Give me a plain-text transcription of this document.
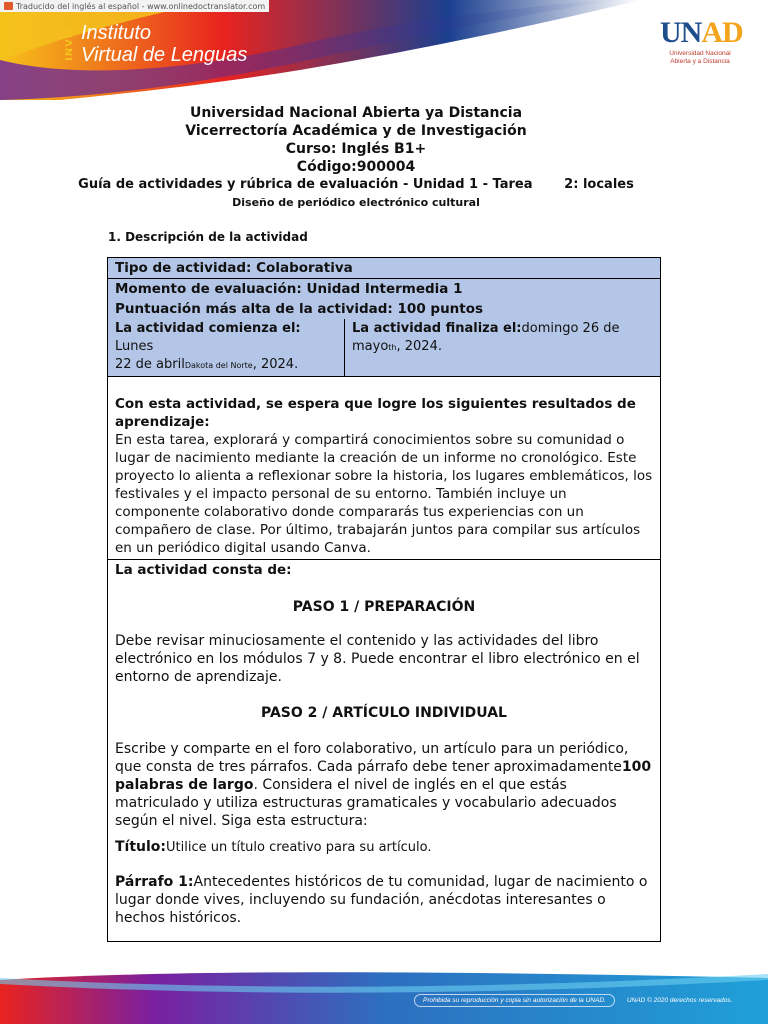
Traducido del inglés al español - www.onlinedoctranslator.com
INVIL Instituto
Virtual de Lenguas
UNAD
Universidad Nacional
Abierta y a Distancia
Universidad Nacional Abierta ya Distancia
Vicerrectoría Académica y de Investigación
Curso: Inglés B1+
Código:900004
Guía de actividades y rúbrica de evaluación - Unidad 1 - Tarea       2: locales
Diseño de periódico electrónico cultural
1. Descripción de la actividad
Tipo de actividad: Colaborativa
Momento de evaluación: Unidad Intermedia 1
Puntuación más alta de la actividad: 100 puntos
La actividad comienza el: Lunes
22 de abrilDakota del Norte, 2024.
La actividad finaliza el:domingo 26 de
mayoth, 2024.
Con esta actividad, se espera que logre los siguientes resultados de aprendizaje:
En esta tarea, explorará y compartirá conocimientos sobre su comunidad o lugar de nacimiento mediante la creación de un informe no cronológico. Este proyecto lo alienta a reflexionar sobre la historia, los lugares emblemáticos, los festivales y el impacto personal de su entorno. También incluye un componente colaborativo donde compararás tus experiencias con un compañero de clase. Por último, trabajarán juntos para compilar sus artículos en un periódico digital usando Canva.
La actividad consta de:
PASO 1 / PREPARACIÓN
Debe revisar minuciosamente el contenido y las actividades del libro electrónico en los módulos 7 y 8. Puede encontrar el libro electrónico en el entorno de aprendizaje.
PASO 2 / ARTÍCULO INDIVIDUAL
Escribe y comparte en el foro colaborativo, un artículo para un periódico, que consta de tres párrafos. Cada párrafo debe tener aproximadamente100 palabras de largo. Considera el nivel de inglés en el que estás matriculado y utiliza estructuras gramaticales y vocabulario adecuados según el nivel. Siga esta estructura:
Título:Utilice un título creativo para su artículo.
Párrafo 1:Antecedentes históricos de tu comunidad, lugar de nacimiento o lugar donde vives, incluyendo su fundación, anécdotas interesantes o hechos históricos.
Prohibida su reproducción y copia sin autorización de la UNAD.	UNAD © 2020 derechos reservados.
